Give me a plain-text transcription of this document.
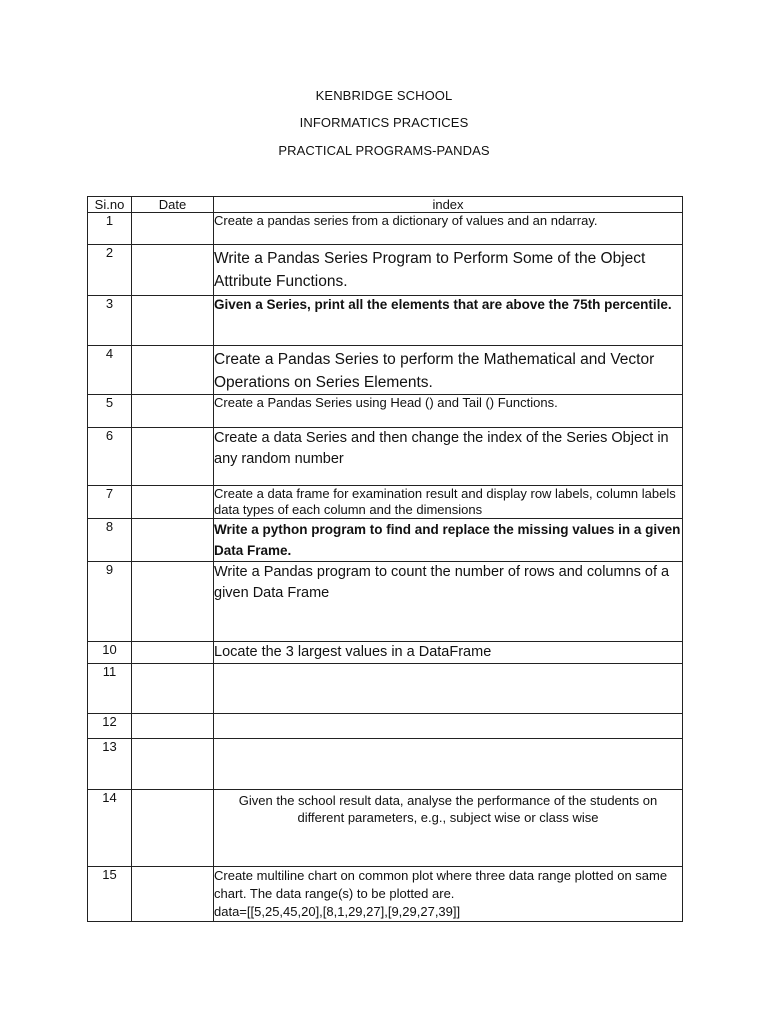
KENBRIDGE SCHOOL
INFORMATICS PRACTICES
PRACTICAL PROGRAMS-PANDAS
Si.no	Date	index
1		Create a pandas series from a dictionary of values and an ndarray.

2		Write a Pandas Series Program to Perform Some of the Object Attribute Functions.

3		Given a Series, print all the elements that are above the 75th percentile.

4		Create a Pandas Series to perform the Mathematical and Vector Operations on Series Elements.

5		Create a Pandas Series using Head () and Tail () Functions.

6		Create a data Series and then change the index of the Series Object in any random number

7		Create a data frame for examination result and display row labels, column labels data types of each column and the dimensions

8		Write a python program to find and replace the missing values in a given Data Frame.

9		Write a Pandas program to count the number of rows and columns of a given Data Frame

10		Locate the 3 largest values in a DataFrame

11		
12		
13		
14		Given the school result data, analyse the performance of the students on different parameters, e.g., subject wise or class wise

15		Create multiline chart on common plot where three data range plotted on same chart. The data range(s) to be plotted are.
data=[[5,25,45,20],[8,1,29,27],[9,29,27,39]]
